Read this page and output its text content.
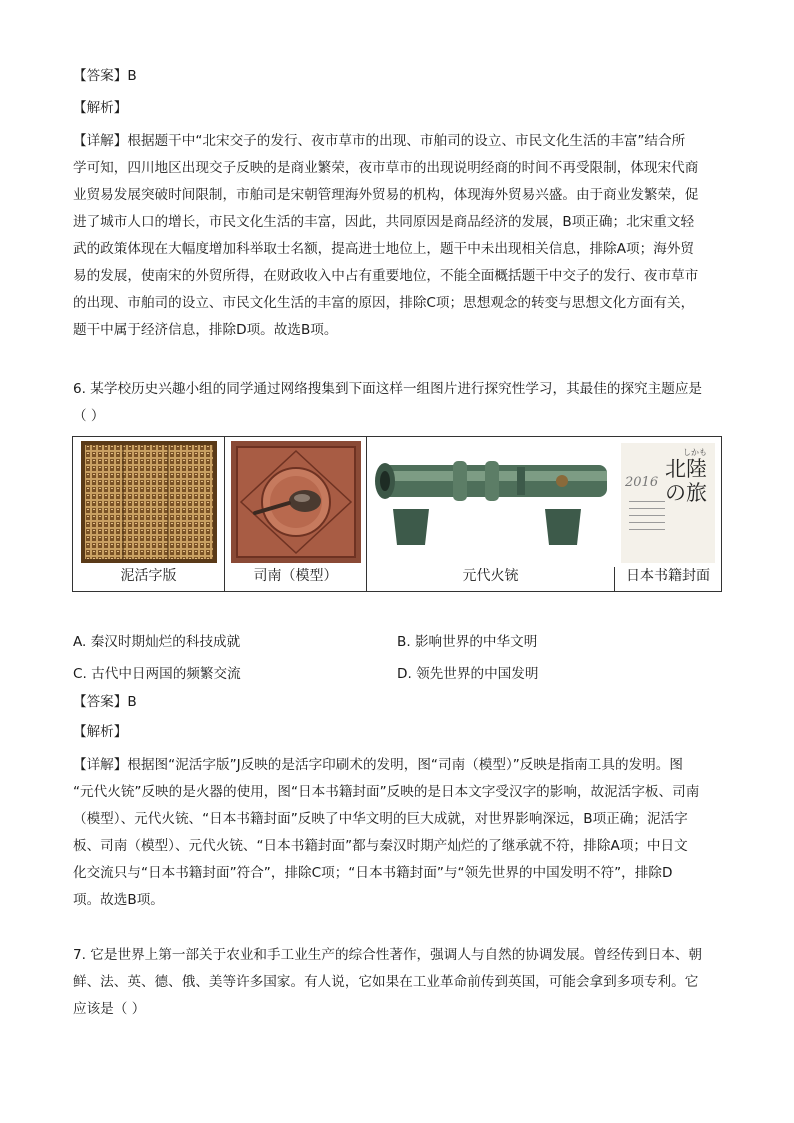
【答案】B
【解析】
【详解】根据题干中“北宋交子的发行、夜市草市的出现、市舶司的设立、市民文化生活的丰富”结合所
学可知，四川地区出现交子反映的是商业繁荣，夜市草市的出现说明经商的时间不再受限制，体现宋代商
业贸易发展突破时间限制，市舶司是宋朝管理海外贸易的机构，体现海外贸易兴盛。由于商业发繁荣，促
进了城市人口的增长，市民文化生活的丰富，因此，共同原因是商品经济的发展，B项正确；北宋重文轻
武的政策体现在大幅度增加科举取士名额，提高进士地位上，题干中未出现相关信息，排除A项；海外贸
易的发展，使南宋的外贸所得，在财政收入中占有重要地位，不能全面概括题干中交子的发行、夜市草市
的出现、市舶司的设立、市民文化生活的丰富的原因，排除C项；思想观念的转变与思想文化方面有关，
题干中属于经济信息，排除D项。故选B项。
6. 某学校历史兴趣小组的同学通过网络搜集到下面这样一组图片进行探究性学习，其最佳的探究主题应是
（ ）
泥活字版	司南（模型）	元代火铳
しかも
北陸の旅
2016
日本书籍封面
A. 秦汉时期灿烂的科技成就	B. 影响世界的中华文明
C. 古代中日两国的频繁交流	D. 领先世界的中国发明
【答案】B
【解析】
【详解】根据图“泥活字版”J反映的是活字印刷术的发明，图“司南（模型）”反映是指南工具的发明。图
“元代火铳”反映的是火器的使用，图“日本书籍封面”反映的是日本文字受汉字的影响，故泥活字板、司南
（模型）、元代火铳、“日本书籍封面”反映了中华文明的巨大成就，对世界影响深远，B项正确；泥活字
板、司南（模型）、元代火铳、“日本书籍封面”都与秦汉时期产灿烂的了继承就不符，排除A项；中日文
化交流只与“日本书籍封面”符合”，排除C项；“日本书籍封面”与“领先世界的中国发明不符”，排除D
项。故选B项。
7. 它是世界上第一部关于农业和手工业生产的综合性著作，强调人与自然的协调发展。曾经传到日本、朝
鲜、法、英、德、俄、美等许多国家。有人说，它如果在工业革命前传到英国，可能会拿到多项专利。它
应该是（ ）
